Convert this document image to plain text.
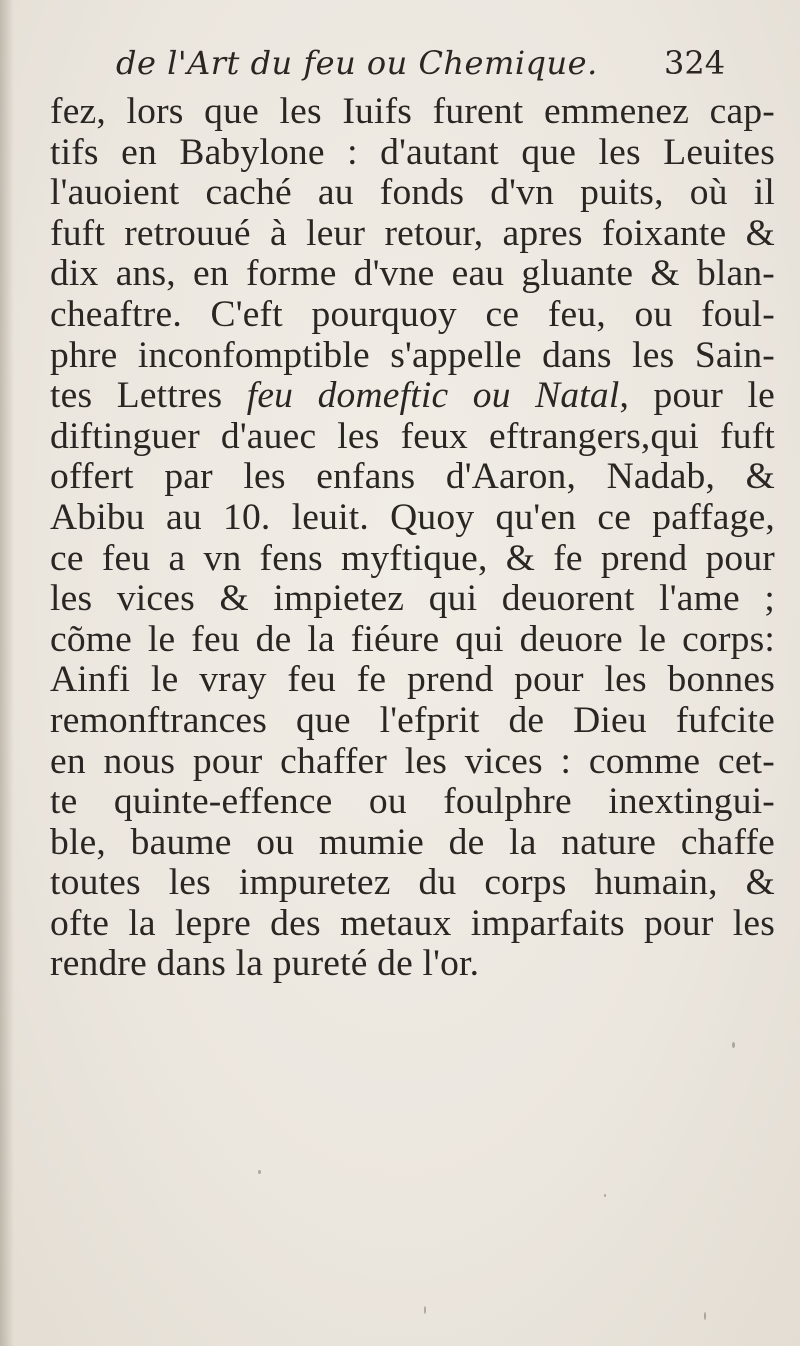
de l'Art du feu ou Chemique. 324
fez, lors que les Iuifs furent emmenez cap-
tifs en Babylone : d'autant que les Leuites
l'auoient caché au fonds d'vn puits, où il
fuft retrouué à leur retour, apres foixante &
dix ans, en forme d'vne eau gluante & blan-
cheaftre. C'eft pourquoy ce feu, ou foul-
phre inconfomptible s'appelle dans les Sain-
tes Lettres feu domeftic ou Natal, pour le
diftinguer d'auec les feux eftrangers,qui fuft
offert par les enfans d'Aaron, Nadab, &
Abibu au 10. leuit. Quoy qu'en ce paffage,
ce feu a vn fens myftique, & fe prend pour
les vices & impietez qui deuorent l'ame ;
cõme le feu de la fiéure qui deuore le corps:
Ainfi le vray feu fe prend pour les bonnes
remonftrances que l'efprit de Dieu fufcite
en nous pour chaffer les vices : comme cet-
te quinte-effence ou foulphre inextingui-
ble, baume ou mumie de la nature chaffe
toutes les impuretez du corps humain, &
ofte la lepre des metaux imparfaits pour les
rendre dans la pureté de l'or.
